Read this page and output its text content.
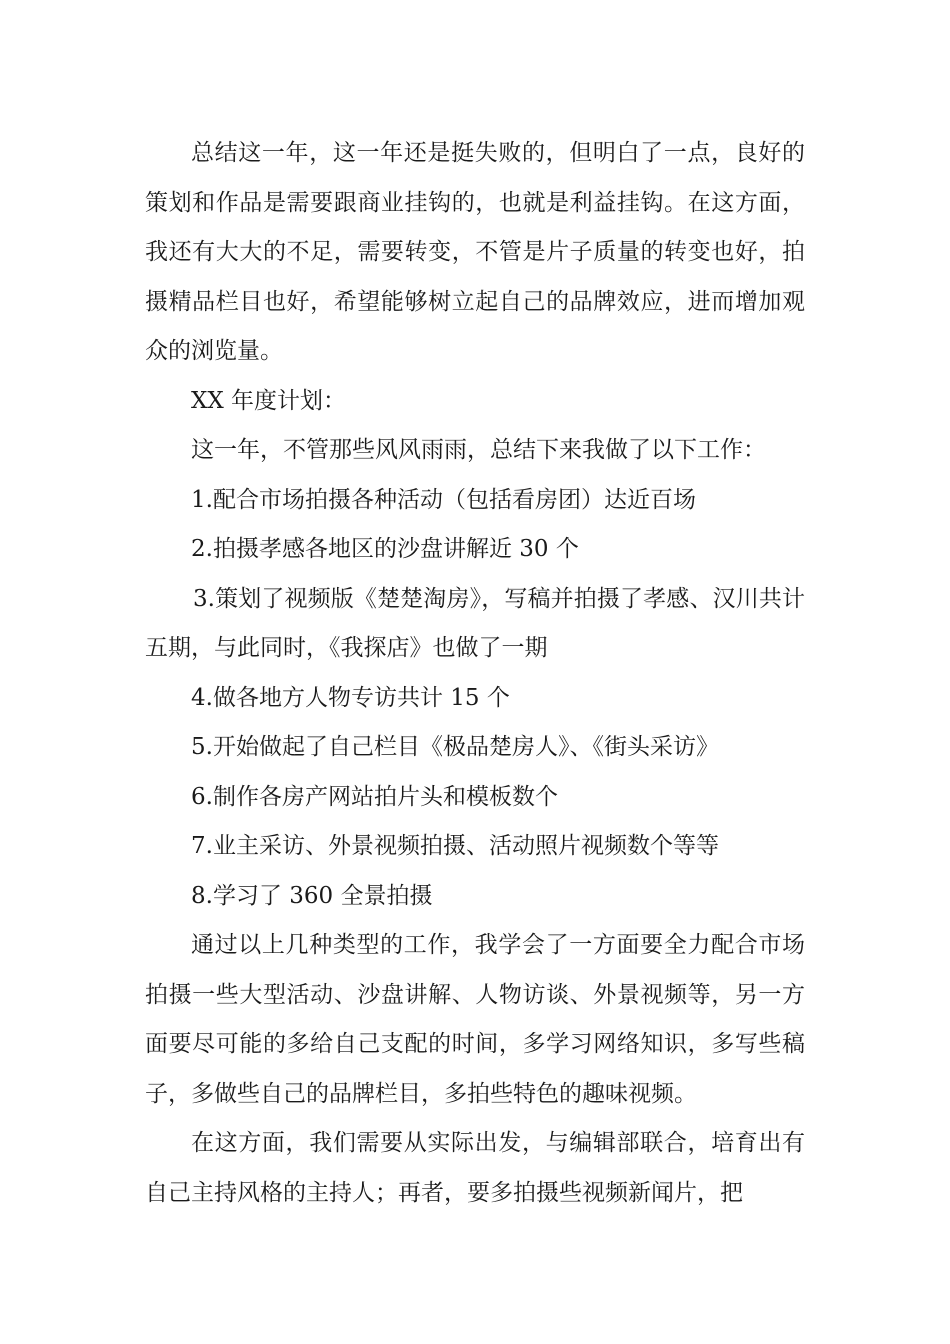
总结这一年，这一年还是挺失败的，但明白了一点，良好的策划和作品是需要跟商业挂钩的，也就是利益挂钩。在这方面，我还有大大的不足，需要转变，不管是片子质量的转变也好，拍摄精品栏目也好，希望能够树立起自己的品牌效应，进而增加观众的浏览量。

XX 年度计划：

这一年，不管那些风风雨雨，总结下来我做了以下工作：

1.配合市场拍摄各种活动（包括看房团）达近百场

2.拍摄孝感各地区的沙盘讲解近 30 个

3.策划了视频版《楚楚淘房》，写稿并拍摄了孝感、汉川共计五期，与此同时，《我探店》也做了一期

4.做各地方人物专访共计 15 个

5.开始做起了自己栏目《极品楚房人》、《街头采访》

6.制作各房产网站拍片头和模板数个

7.业主采访、外景视频拍摄、活动照片视频数个等等

8.学习了 360 全景拍摄

通过以上几种类型的工作，我学会了一方面要全力配合市场拍摄一些大型活动、沙盘讲解、人物访谈、外景视频等，另一方面要尽可能的多给自己支配的时间，多学习网络知识，多写些稿子，多做些自己的品牌栏目，多拍些特色的趣味视频。

在这方面，我们需要从实际出发，与编辑部联合，培育出有自己主持风格的主持人；再者，要多拍摄些视频新闻片，把
